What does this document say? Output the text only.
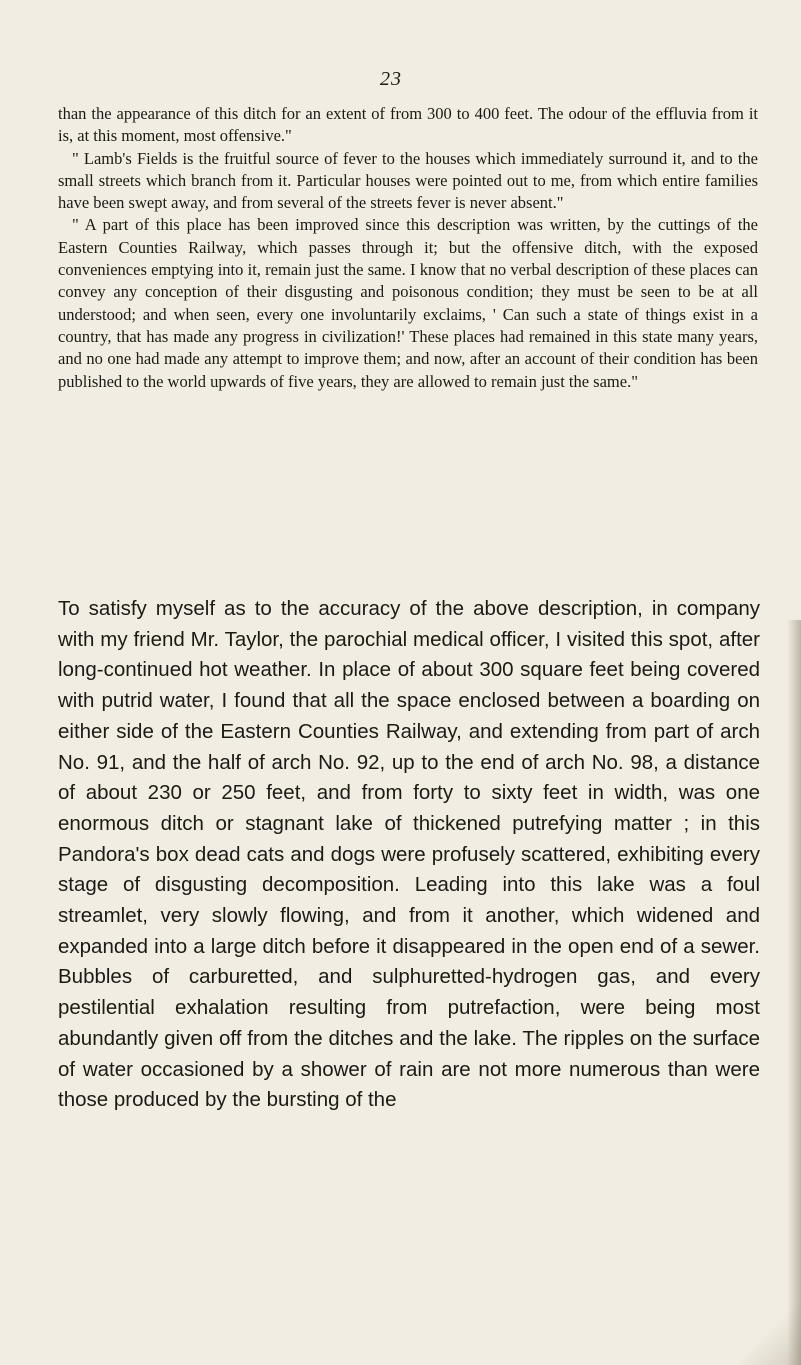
23

than the appearance of this ditch for an extent of from 300 to 400 feet. The odour of the effluvia from it is, at this moment, most offensive."

" Lamb's Fields is the fruitful source of fever to the houses which immediately surround it, and to the small streets which branch from it. Particular houses were pointed out to me, from which entire families have been swept away, and from several of the streets fever is never absent."

" A part of this place has been improved since this description was written, by the cuttings of the Eastern Counties Railway, which passes through it; but the offensive ditch, with the exposed conveniences emptying into it, remain just the same. I know that no verbal description of these places can convey any conception of their disgusting and poisonous condition; they must be seen to be at all understood; and when seen, every one involuntarily exclaims, ' Can such a state of things exist in a country, that has made any progress in civilization!' These places had remained in this state many years, and no one had made any attempt to improve them; and now, after an account of their condition has been published to the world upwards of five years, they are allowed to remain just the same."

To satisfy myself as to the accuracy of the above description, in company with my friend Mr. Taylor, the parochial medical officer, I visited this spot, after long-continued hot weather. In place of about 300 square feet being covered with putrid water, I found that all the space enclosed between a boarding on either side of the Eastern Counties Railway, and extending from part of arch No. 91, and the half of arch No. 92, up to the end of arch No. 98, a distance of about 230 or 250 feet, and from forty to sixty feet in width, was one enormous ditch or stagnant lake of thickened putrefying matter ; in this Pandora's box dead cats and dogs were profusely scattered, exhibiting every stage of disgusting decomposition. Leading into this lake was a foul streamlet, very slowly flowing, and from it another, which widened and expanded into a large ditch before it disappeared in the open end of a sewer. Bubbles of carburetted, and sulphuretted-hydrogen gas, and every pestilential exhalation resulting from putrefaction, were being most abundantly given off from the ditches and the lake. The ripples on the surface of water occasioned by a shower of rain are not more numerous than were those produced by the bursting of the
